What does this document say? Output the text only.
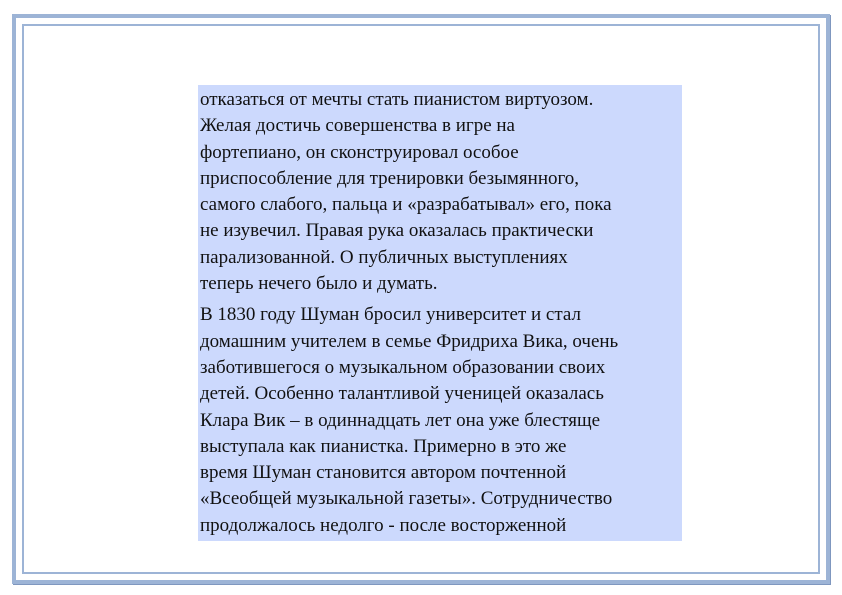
отказаться от мечты стать пианистом виртуозом.
Желая достичь совершенства в игре на
фортепиано, он сконструировал особое
приспособление для тренировки безымянного,
самого слабого, пальца и «разрабатывал» его, пока
не изувечил. Правая рука оказалась практически
парализованной. О публичных выступлениях
теперь нечего было и думать.

В 1830 году Шуман бросил университет и стал
домашним учителем в семье Фридриха Вика, очень
заботившегося о музыкальном образовании своих
детей. Особенно талантливой ученицей оказалась
Клара Вик – в одиннадцать лет она уже блестяще
выступала как пианистка. Примерно в это же
время Шуман становится автором почтенной
«Всеобщей музыкальной газеты». Сотрудничество
продолжалось недолго - после восторженной
